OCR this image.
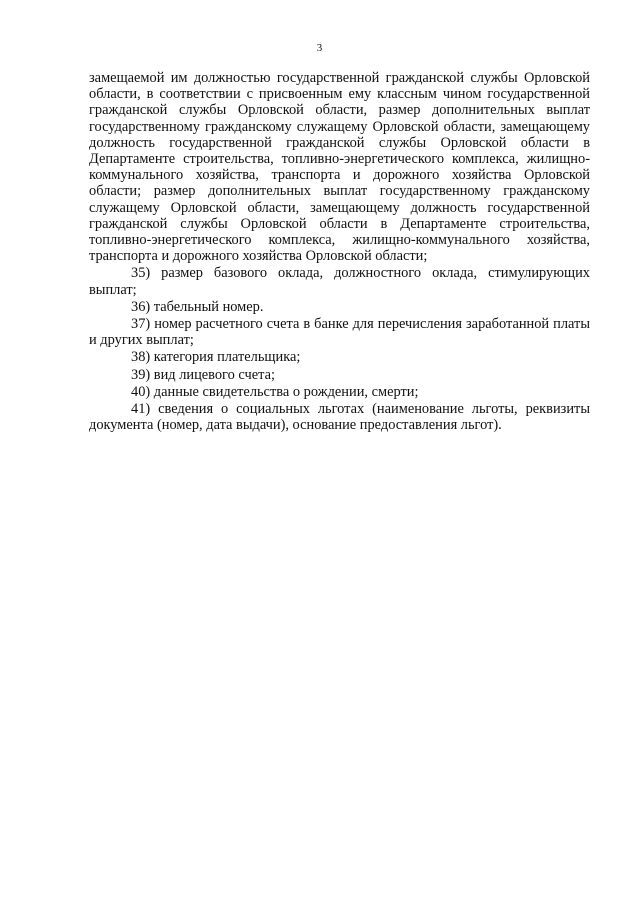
3

замещаемой им должностью государственной гражданской службы Орловской области, в соответствии с присвоенным ему классным чином государственной гражданской службы Орловской области, размер дополнительных выплат государственному гражданскому служащему Орловской области, замещающему должность государственной гражданской службы Орловской области в Департаменте строительства, топливно-энергетического комплекса, жилищно-коммунального хозяйства, транспорта и дорожного хозяйства Орловской области; размер дополнительных выплат государственному гражданскому служащему Орловской области, замещающему должность государственной гражданской службы Орловской области в Департаменте строительства, топливно-энергетического комплекса, жилищно-коммунального хозяйства, транспорта и дорожного хозяйства Орловской области;

35) размер базового оклада, должностного оклада, стимулирующих выплат;

36) табельный номер.

37) номер расчетного счета в банке для перечисления заработанной платы и других выплат;

38) категория плательщика;

39) вид лицевого счета;

40) данные свидетельства о рождении, смерти;

41) сведения о социальных льготах (наименование льготы, реквизиты документа (номер, дата выдачи), основание предоставления льгот).
